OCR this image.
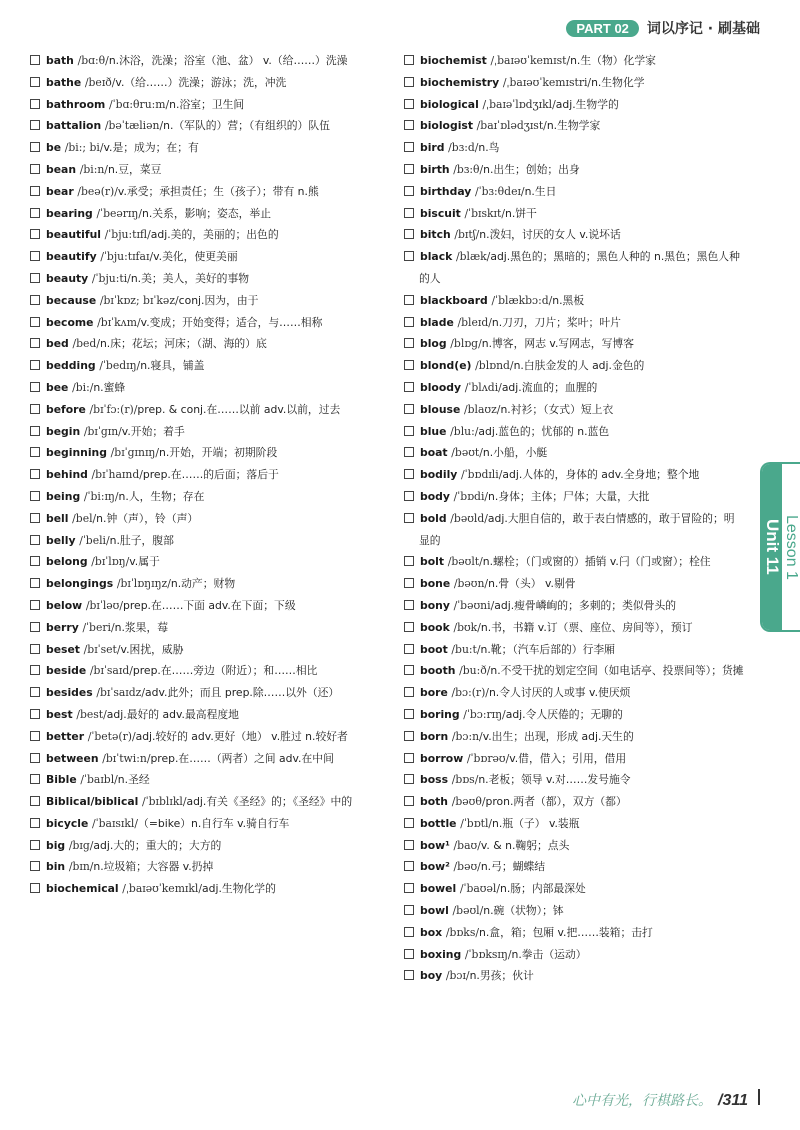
PART 02	词以序记 · 刷基础

bath /bɑ:θ/n.沐浴，洗澡；浴室（池、盆） v.（给……）洗澡

bathe /beɪð/v.（给……）洗澡；游泳；洗，冲洗

bathroom /ˈbɑ:θru:m/n.浴室；卫生间

battalion /bəˈtæliən/n.（军队的）营；（有组织的）队伍

be /bi:; bi/v.是；成为；在；有

bean /bi:n/n.豆，菜豆

bear /beə(r)/v.承受；承担责任；生（孩子）；带有 n.熊

bearing /ˈbeərɪŋ/n.关系，影响；姿态，举止

beautiful /ˈbju:tɪfl/adj.美的，美丽的；出色的

beautify /ˈbju:tɪfaɪ/v.美化，使更美丽

beauty /ˈbju:ti/n.美；美人，美好的事物

because /bɪˈkɒz; bɪˈkəz/conj.因为，由于

become /bɪˈkʌm/v.变成；开始变得；适合，与……相称

bed /bed/n.床；花坛；河床；（湖、海的）底

bedding /ˈbedɪŋ/n.寝具，铺盖

bee /bi:/n.蜜蜂

before /bɪˈfɔ:(r)/prep. & conj.在……以前 adv.以前，过去

begin /bɪˈgɪn/v.开始；着手

beginning /bɪˈgɪnɪŋ/n.开始，开端；初期阶段

behind /bɪˈhaɪnd/prep.在……的后面；落后于

being /ˈbi:ɪŋ/n.人，生物；存在

bell /bel/n.钟（声），铃（声）

belly /ˈbeli/n.肚子，腹部

belong /bɪˈlɒŋ/v.属于

belongings /bɪˈlɒŋɪŋz/n.动产；财物

below /bɪˈləʊ/prep.在……下面 adv.在下面；下级

berry /ˈberi/n.浆果，莓

beset /bɪˈset/v.困扰，威胁

beside /bɪˈsaɪd/prep.在……旁边（附近）；和……相比

besides /bɪˈsaɪdz/adv.此外；而且 prep.除……以外（还）

best /best/adj.最好的 adv.最高程度地

better /ˈbetə(r)/adj.较好的 adv.更好（地） v.胜过 n.较好者

between /bɪˈtwi:n/prep.在……（两者）之间 adv.在中间

Bible /ˈbaɪbl/n.圣经

Biblical/biblical /ˈbɪblɪkl/adj.有关《圣经》的；《圣经》中的

bicycle /ˈbaɪsɪkl/（=bike）n.自行车 v.骑自行车

big /bɪg/adj.大的；重大的；大方的

bin /bɪn/n.垃圾箱；大容器 v.扔掉

biochemical /ˌbaɪəʊˈkemɪkl/adj.生物化学的

biochemist /ˌbaɪəʊˈkemɪst/n.生（物）化学家

biochemistry /ˌbaɪəʊˈkemɪstri/n.生物化学

biological /ˌbaɪəˈlɒdʒɪkl/adj.生物学的

biologist /baɪˈɒlədʒɪst/n.生物学家

bird /bɜ:d/n.鸟

birth /bɜ:θ/n.出生；创始；出身

birthday /ˈbɜ:θdeɪ/n.生日

biscuit /ˈbɪskɪt/n.饼干

bitch /bɪtʃ/n.泼妇，讨厌的女人 v.说坏话

black /blæk/adj.黑色的；黑暗的；黑色人种的 n.黑色；黑色人种的人

blackboard /ˈblækbɔ:d/n.黑板

blade /bleɪd/n.刀刃，刀片；桨叶；叶片

blog /blɒg/n.博客，网志 v.写网志，写博客

blond(e) /blɒnd/n.白肤金发的人 adj.金色的

bloody /ˈblʌdi/adj.流血的；血腥的

blouse /blaʊz/n.衬衫；（女式）短上衣

blue /blu:/adj.蓝色的；忧郁的 n.蓝色

boat /bəʊt/n.小船，小艇

bodily /ˈbɒdɪli/adj.人体的，身体的 adv.全身地；整个地

body /ˈbɒdi/n.身体；主体；尸体；大量，大批

bold /bəʊld/adj.大胆自信的，敢于表白情感的，敢于冒险的；明显的

bolt /bəʊlt/n.螺栓；（门或窗的）插销 v.闩（门或窗）；栓住

bone /bəʊn/n.骨（头） v.剔骨

bony /ˈbəʊni/adj.瘦骨嶙峋的；多刺的；类似骨头的

book /bʊk/n.书，书籍 v.订（票、座位、房间等），预订

boot /bu:t/n.靴；（汽车后部的）行李厢

booth /bu:ð/n.不受干扰的划定空间（如电话亭、投票间等）；货摊

bore /bɔ:(r)/n.令人讨厌的人或事 v.使厌烦

boring /ˈbɔ:rɪŋ/adj.令人厌倦的；无聊的

born /bɔ:n/v.出生；出现，形成 adj.天生的

borrow /ˈbɒrəʊ/v.借，借入；引用，借用

boss /bɒs/n.老板；领导 v.对……发号施令

both /bəʊθ/pron.两者（都），双方（都）

bottle /ˈbɒtl/n.瓶（子） v.装瓶

bow¹ /baʊ/v. & n.鞠躬；点头

bow² /bəʊ/n.弓；蝴蝶结

bowel /ˈbaʊəl/n.肠；内部最深处

bowl /bəʊl/n.碗（状物）；钵

box /bɒks/n.盒，箱；包厢 v.把……装箱；击打

boxing /ˈbɒksɪŋ/n.拳击（运动）

boy /bɔɪ/n.男孩；伙计

Unit 11 Lesson 1
心中有光，行棋路长。 /311
